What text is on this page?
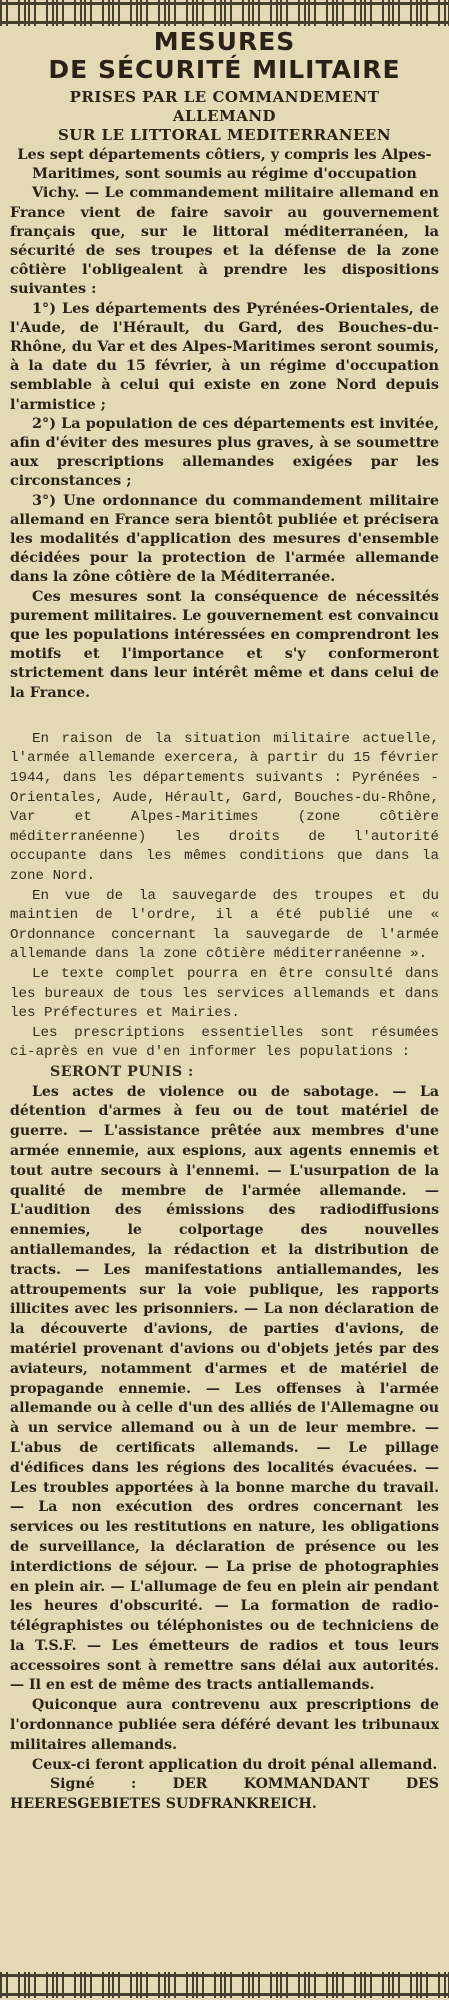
MESURES
DE SÉCURITÉ MILITAIRE
PRISES PAR LE COMMANDEMENT
ALLEMAND
SUR LE LITTORAL MEDITERRANEEN

Les sept départements côtiers, y compris les Alpes-Maritimes, sont soumis au régime d'occupation

Vichy. — Le commandement militaire allemand en France vient de faire savoir au gouvernement français que, sur le littoral méditerranéen, la sécurité de ses troupes et la défense de la zone côtière l'obligealent à prendre les dispositions suivantes :

1°) Les départements des Pyrénées-Orientales, de l'Aude, de l'Hérault, du Gard, des Bouches-du-Rhône, du Var et des Alpes-Maritimes seront soumis, à la date du 15 février, à un régime d'occupation semblable à celui qui existe en zone Nord depuis l'armistice ;

2°) La population de ces départements est invitée, afin d'éviter des mesures plus graves, à se soumettre aux prescriptions allemandes exigées par les circonstances ;

3°) Une ordonnance du commandement militaire allemand en France sera bientôt publiée et précisera les modalités d'application des mesures d'ensemble décidées pour la protection de l'armée allemande dans la zône côtière de la Méditerranée.

Ces mesures sont la conséquence de nécessités purement militaires. Le gouvernement est convaincu que les populations intéressées en comprendront les motifs et l'importance et s'y conformeront strictement dans leur intérêt même et dans celui de la France.

En raison de la situation militaire actuelle, l'armée allemande exercera, à partir du 15 février 1944, dans les départements suivants : Pyrénées - Orientales, Aude, Hérault, Gard, Bouches-du-Rhône, Var et Alpes-Maritimes (zone côtière méditerranéenne) les droits de l'autorité occupante dans les mêmes conditions que dans la zone Nord.

En vue de la sauvegarde des troupes et du maintien de l'ordre, il a été publié une « Ordonnance concernant la sauvegarde de l'armée allemande dans la zone côtière méditerranéenne ».

Le texte complet pourra en être consulté dans les bureaux de tous les services allemands et dans les Préfectures et Mairies.

Les prescriptions essentielles sont résumées ci-après en vue d'en informer les populations :

SERONT PUNIS :

Les actes de violence ou de sabotage. — La détention d'armes à feu ou de tout matériel de guerre. — L'assistance prêtée aux membres d'une armée ennemie, aux espions, aux agents ennemis et tout autre secours à l'ennemi. — L'usurpation de la qualité de membre de l'armée allemande. — L'audition des émissions des radiodiffusions ennemies, le colportage des nouvelles antiallemandes, la rédaction et la distribution de tracts. — Les manifestations antiallemandes, les attroupements sur la voie publique, les rapports illicites avec les prisonniers. — La non déclaration de la découverte d'avions, de parties d'avions, de matériel provenant d'avions ou d'objets jetés par des aviateurs, notamment d'armes et de matériel de propagande ennemie. — Les offenses à l'armée allemande ou à celle d'un des alliés de l'Allemagne ou à un service allemand ou à un de leur membre. — L'abus de certificats allemands. — Le pillage d'édifices dans les régions des localités évacuées. — Les troubles apportées à la bonne marche du travail. — La non exécution des ordres concernant les services ou les restitutions en nature, les obligations de surveillance, la déclaration de présence ou les interdictions de séjour. — La prise de photographies en plein air. — L'allumage de feu en plein air pendant les heures d'obscurité. — La formation de radio-télégraphistes ou téléphonistes ou de techniciens de la T.S.F. — Les émetteurs de radios et tous leurs accessoires sont à remettre sans délai aux autorités. — Il en est de même des tracts antiallemands.

Quiconque aura contrevenu aux prescriptions de l'ordonnance publiée sera déféré devant les tribunaux militaires allemands.

Ceux-ci feront application du droit pénal allemand.

Signé : DER KOMMANDANT DES HEERESGEBIETES SUDFRANKREICH.
